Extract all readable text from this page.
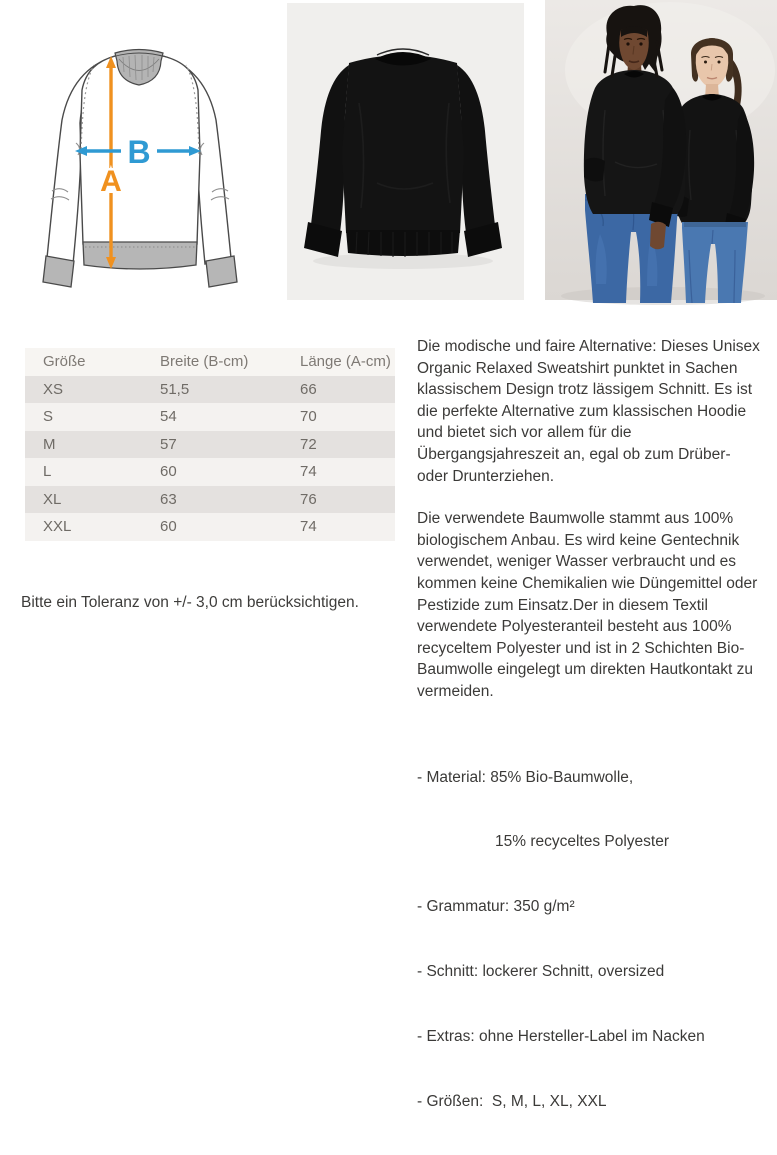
A
B
Größe	Breite (B-cm)	Länge (A-cm)
XS	51,5	66
S	54	70
M	57	72
L	60	74
XL	63	76
XXL	60	74

Bitte ein Toleranz von +/- 3,0 cm berücksichtigen.

Die modische und faire Alternative: Dieses Unisex Organic Relaxed Sweatshirt punktet in Sachen klassischem Design trotz lässigem Schnitt. Es ist die perfekte Alternative zum klassischen Hoodie und bietet sich vor allem für die Übergangsjahreszeit an, egal ob zum Drüber- oder Drunterziehen.

Die verwendete Baumwolle stammt aus 100% biologischem Anbau. Es wird keine Gentechnik verwendet, weniger Wasser verbraucht und es kommen keine Chemikalien wie Düngemittel oder Pestizide zum Einsatz.Der in diesem Textil verwendete Polyesteranteil besteht aus 100% recyceltem Polyester und ist in 2 Schichten Bio-Baumwolle eingelegt um direkten Hautkontakt zu vermeiden.

- Material: 85% Bio-Baumwolle,

15% recyceltes Polyester

- Grammatur: 350 g/m²

- Schnitt: lockerer Schnitt, oversized

- Extras: ohne Hersteller-Label im Nacken

- Größen:  S, M, L, XL, XXL
